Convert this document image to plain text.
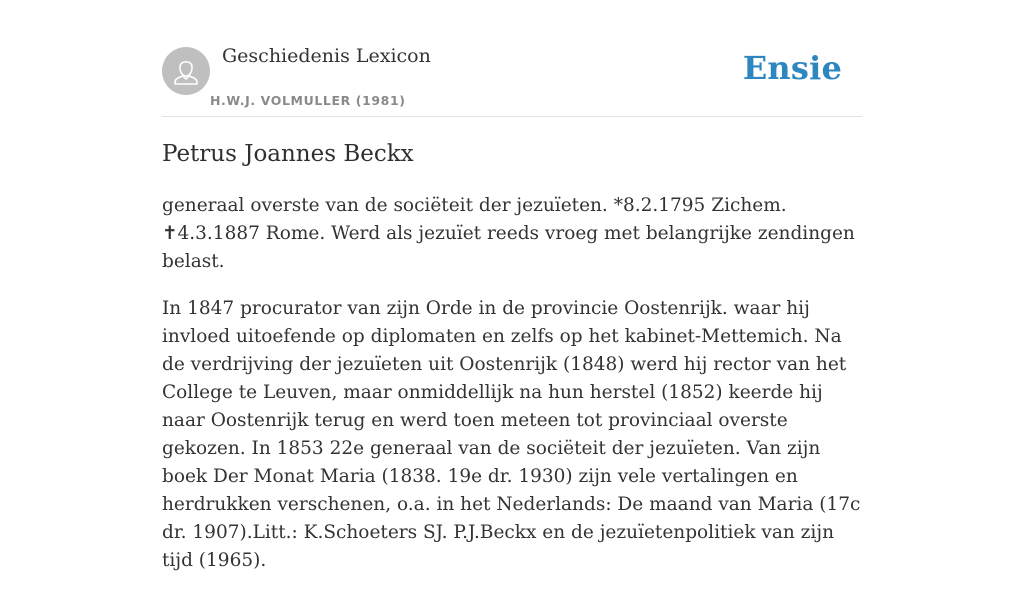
Geschiedenis Lexicon
H.W.J. VOLMULLER (1981)
Ensie
Petrus Joannes Beckx

generaal overste van de sociëteit der jezuïeten. *8.2.1795 Zichem. ✝4.3.1887 Rome. Werd als jezuïet reeds vroeg met belangrijke zendingen belast.

In 1847 procurator van zijn Orde in de provincie Oostenrijk. waar hij invloed uitoefende op diplomaten en zelfs op het kabinet-Mettemich. Na de verdrijving der jezuïeten uit Oostenrijk (1848) werd hij rector van het College te Leuven, maar onmiddellijk na hun herstel (1852) keerde hij naar Oostenrijk terug en werd toen meteen tot provinciaal overste gekozen. In 1853 22e generaal van de sociëteit der jezuïeten. Van zijn boek Der Monat Maria (1838. 19e dr. 1930) zijn vele vertalingen en herdrukken verschenen, o.a. in het Nederlands: De maand van Maria (17c dr. 1907).Litt.: K.Schoeters SJ. P.J.Beckx en de jezuïetenpolitiek van zijn tijd (1965).
